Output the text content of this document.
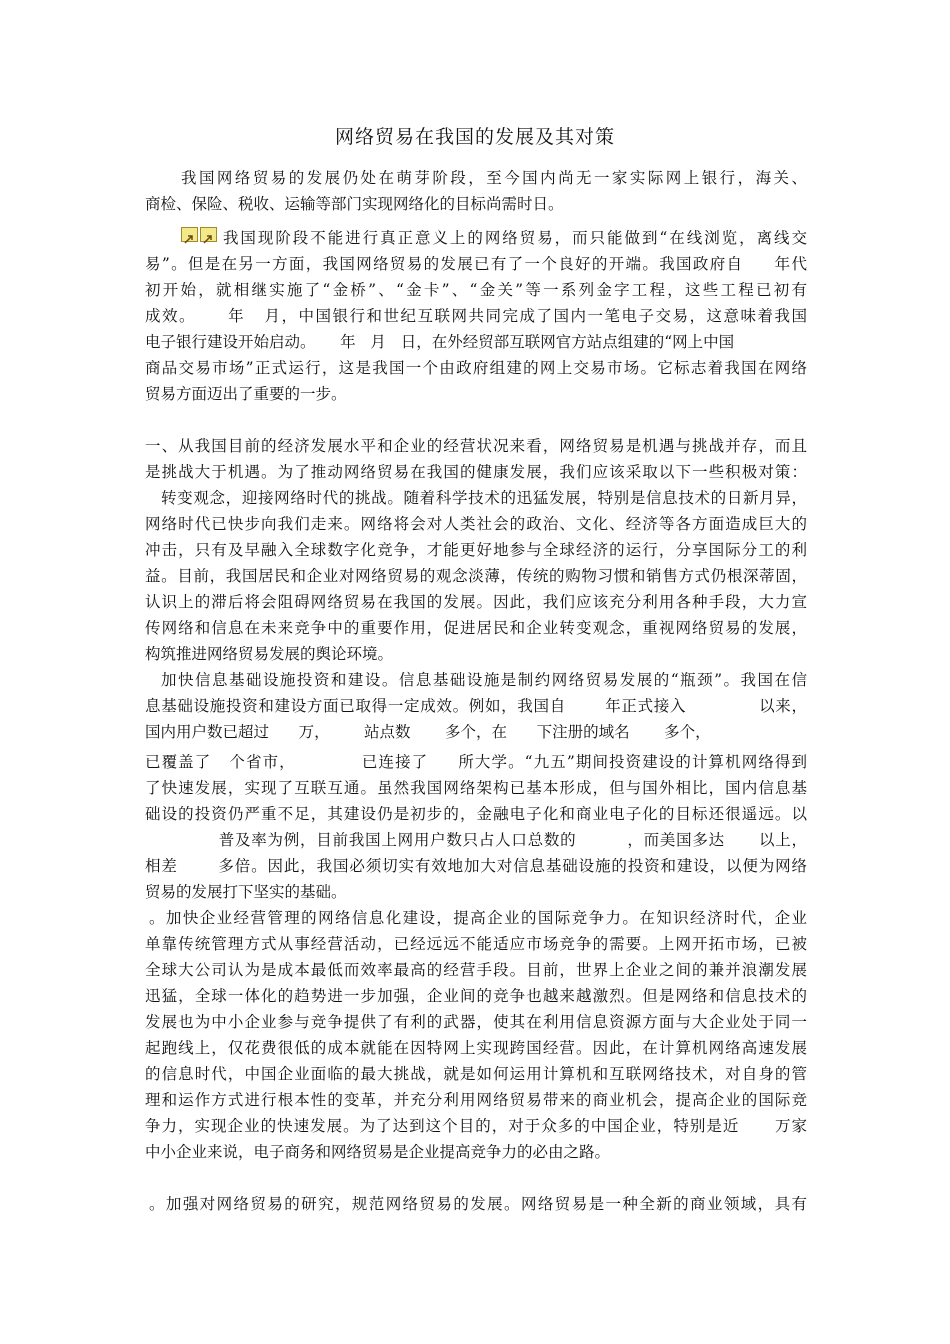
网络贸易在我国的发展及其对策
我国网络贸易的发展仍处在萌芽阶段，至今国内尚无一家实际网上银行，海关、
商检、保险、税收、运输等部门实现网络化的目标尚需时日。
我国现阶段不能进行真正意义上的网络贸易，而只能做到“在线浏览，离线交
易”。但是在另一方面，我国网络贸易的发展已有了一个良好的开端。我国政府自     年代
初开始，就相继实施了“金桥”、“金卡”、“金关”等一系列金字工程，这些工程已初有
成效。     年   月，中国银行和世纪互联网共同完成了国内一笔电子交易，这意味着我国
电子银行建设开始启动。     年   月   日，在外经贸部互联网官方站点组建的“网上中国
商品交易市场”正式运行，这是我国一个由政府组建的网上交易市场。它标志着我国在网络
贸易方面迈出了重要的一步。
一、从我国目前的经济发展水平和企业的经营状况来看，网络贸易是机遇与挑战并存，而且
是挑战大于机遇。为了推动网络贸易在我国的健康发展，我们应该采取以下一些积极对策：
转变观念，迎接网络时代的挑战。随着科学技术的迅猛发展，特别是信息技术的日新月异，
网络时代已快步向我们走来。网络将会对人类社会的政治、文化、经济等各方面造成巨大的
冲击，只有及早融入全球数字化竞争，才能更好地参与全球经济的运行，分享国际分工的利
益。目前，我国居民和企业对网络贸易的观念淡薄，传统的购物习惯和销售方式仍根深蒂固，
认识上的滞后将会阻碍网络贸易在我国的发展。因此，我们应该充分利用各种手段，大力宣
传网络和信息在未来竞争中的重要作用，促进居民和企业转变观念，重视网络贸易的发展，
构筑推进网络贸易发展的舆论环境。
加快信息基础设施投资和建设。信息基础设施是制约网络贸易发展的“瓶颈”。我国在信
息基础设施投资和建设方面已取得一定成效。例如，我国自       年正式接入             以来，
国内用户数已超过      万，       站点数       多个，在      下注册的域名       多个，
已覆盖了   个省市，           已连接了     所大学。“九五”期间投资建设的计算机网络得到
了快速发展，实现了互联互通。虽然我国网络架构已基本形成，但与国外相比，国内信息基
础设的投资仍严重不足，其建设仍是初步的，金融电子化和商业电子化的目标还很遥远。以
普及率为例，目前我国上网用户数只占人口总数的         ，而美国多达      以上，
相差       多倍。因此，我国必须切实有效地加大对信息基础设施的投资和建设，以便为网络
贸易的发展打下坚实的基础。
。加快企业经营管理的网络信息化建设，提高企业的国际竞争力。在知识经济时代，企业
单靠传统管理方式从事经营活动，已经远远不能适应市场竞争的需要。上网开拓市场，已被
全球大公司认为是成本最低而效率最高的经营手段。目前，世界上企业之间的兼并浪潮发展
迅猛，全球一体化的趋势进一步加强，企业间的竞争也越来越激烈。但是网络和信息技术的
发展也为中小企业参与竞争提供了有利的武器，使其在利用信息资源方面与大企业处于同一
起跑线上，仅花费很低的成本就能在因特网上实现跨国经营。因此，在计算机网络高速发展
的信息时代，中国企业面临的最大挑战，就是如何运用计算机和互联网络技术，对自身的管
理和运作方式进行根本性的变革，并充分利用网络贸易带来的商业机会，提高企业的国际竞
争力，实现企业的快速发展。为了达到这个目的，对于众多的中国企业，特别是近      万家
中小企业来说，电子商务和网络贸易是企业提高竞争力的必由之路。
。加强对网络贸易的研究，规范网络贸易的发展。网络贸易是一种全新的商业领域，具有
